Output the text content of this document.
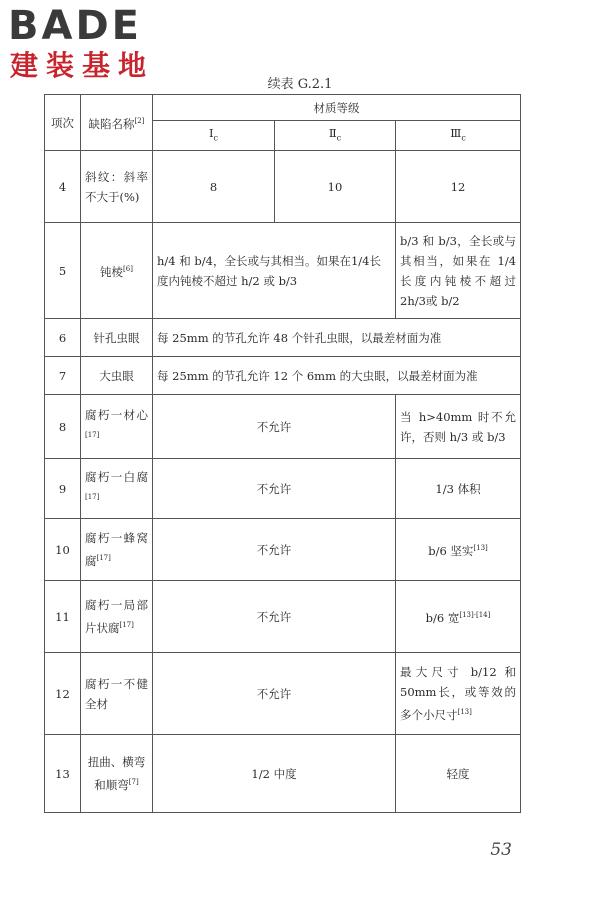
BADE
建装基地
续表 G.2.1
项次	缺陷名称[2]	材质等级		
		$Ⅰ_c$	$Ⅱ_c$	$Ⅲ_c$
4	斜纹：斜率不大于(%)	8	10	12
5	钝棱[6]	h/4 和 b/4，全长或与其相当。如果在1/4长度内钝棱不超过 h/2 或 b/3		b/3 和 b/3，全长或与其相当，如果在 1/4 长度内钝棱不超过 2h/3或 b/2
6	针孔虫眼	每 25mm 的节孔允许 48 个针孔虫眼，以最差材面为准		
7	大虫眼	每 25mm 的节孔允许 12 个 6mm 的大虫眼，以最差材面为准		
8	腐朽一材心[17]	不允许		当 h>40mm 时不允许，否则 h/3 或 b/3
9	腐朽一白腐[17]	不允许		1/3 体积
10	腐朽一蜂窝腐[17]	不允许		b/6 坚实[13]
11	腐朽一局部片状腐[17]	不允许		b/6 宽[13]·[14]
12	腐朽一不健全材	不允许		最大尺寸 b/12 和 50mm长，或等效的多个小尺寸[13]
13	扭曲、横弯和顺弯[7]	1/2 中度		轻度
53
